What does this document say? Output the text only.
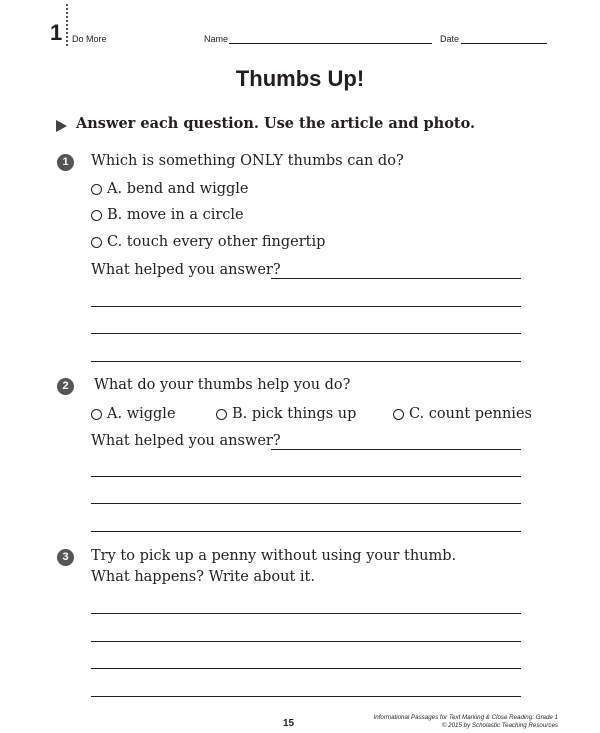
1 Do More	Name	Date
Thumbs Up!
Answer each question. Use the article and photo.
1	Which is something ONLY thumbs can do?
A. bend and wiggle
B. move in a circle
C. touch every other fingertip
What helped you answer?
2	What do your thumbs help you do?
A. wiggle	B. pick things up	C. count pennies
What helped you answer?
3	Try to pick up a penny without using your thumb.
What happens? Write about it.
15
Informational Passages for Text Marking & Close Reading: Grade 1
© 2015 by Scholastic Teaching Resources
